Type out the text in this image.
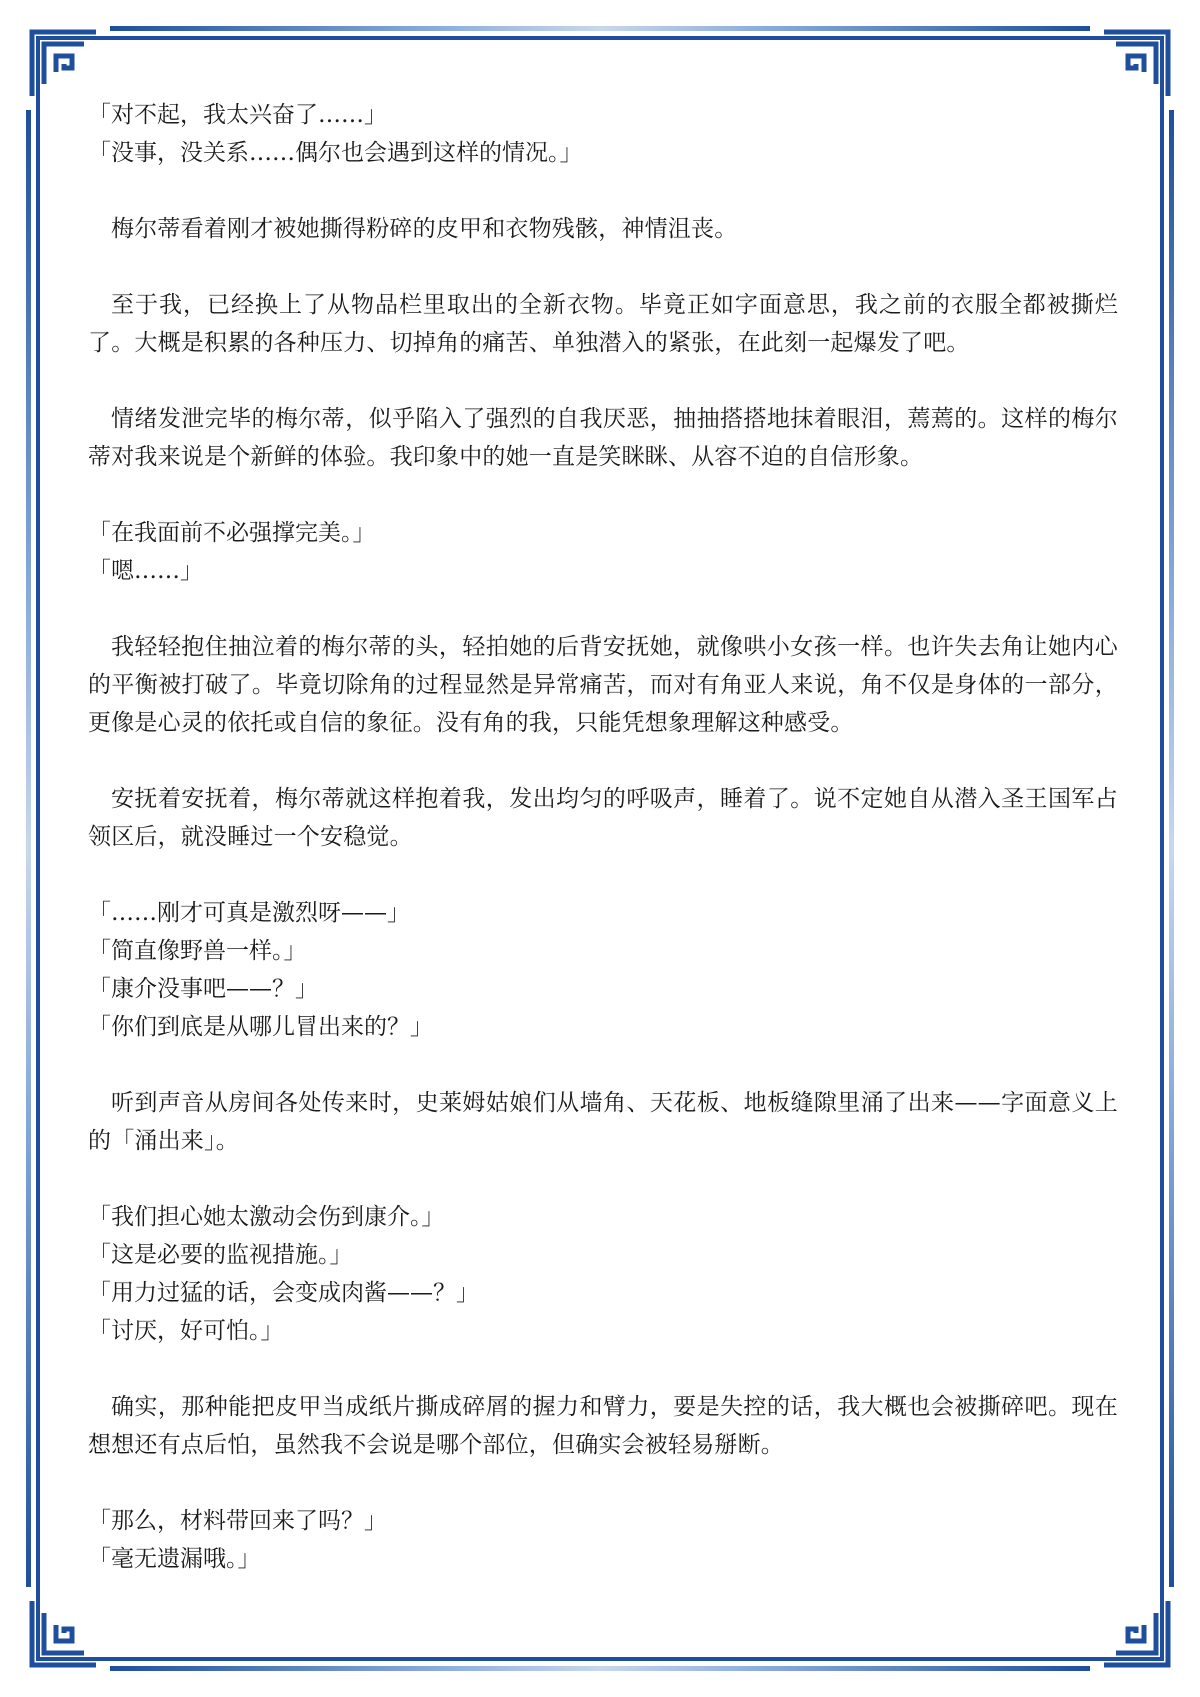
「对不起，我太兴奋了……」

「没事，没关系……偶尔也会遇到这样的情况。」

梅尔蒂看着刚才被她撕得粉碎的皮甲和衣物残骸，神情沮丧。

至于我，已经换上了从物品栏里取出的全新衣物。毕竟正如字面意思，我之前的衣服全都被撕烂了。大概是积累的各种压力、切掉角的痛苦、单独潜入的紧张，在此刻一起爆发了吧。

情绪发泄完毕的梅尔蒂，似乎陷入了强烈的自我厌恶，抽抽搭搭地抹着眼泪，蔫蔫的。这样的梅尔蒂对我来说是个新鲜的体验。我印象中的她一直是笑眯眯、从容不迫的自信形象。

「在我面前不必强撑完美。」

「嗯……」

我轻轻抱住抽泣着的梅尔蒂的头，轻拍她的后背安抚她，就像哄小女孩一样。也许失去角让她内心的平衡被打破了。毕竟切除角的过程显然是异常痛苦，而对有角亚人来说，角不仅是身体的一部分，更像是心灵的依托或自信的象征。没有角的我，只能凭想象理解这种感受。

安抚着安抚着，梅尔蒂就这样抱着我，发出均匀的呼吸声，睡着了。说不定她自从潜入圣王国军占领区后，就没睡过一个安稳觉。

「……刚才可真是激烈呀——」

「简直像野兽一样。」

「康介没事吧——？」

「你们到底是从哪儿冒出来的？」

听到声音从房间各处传来时，史莱姆姑娘们从墙角、天花板、地板缝隙里涌了出来——字面意义上的「涌出来」。

「我们担心她太激动会伤到康介。」

「这是必要的监视措施。」

「用力过猛的话，会变成肉酱——？」

「讨厌，好可怕。」

确实，那种能把皮甲当成纸片撕成碎屑的握力和臂力，要是失控的话，我大概也会被撕碎吧。现在想想还有点后怕，虽然我不会说是哪个部位，但确实会被轻易掰断。

「那么，材料带回来了吗？」

「毫无遗漏哦。」
